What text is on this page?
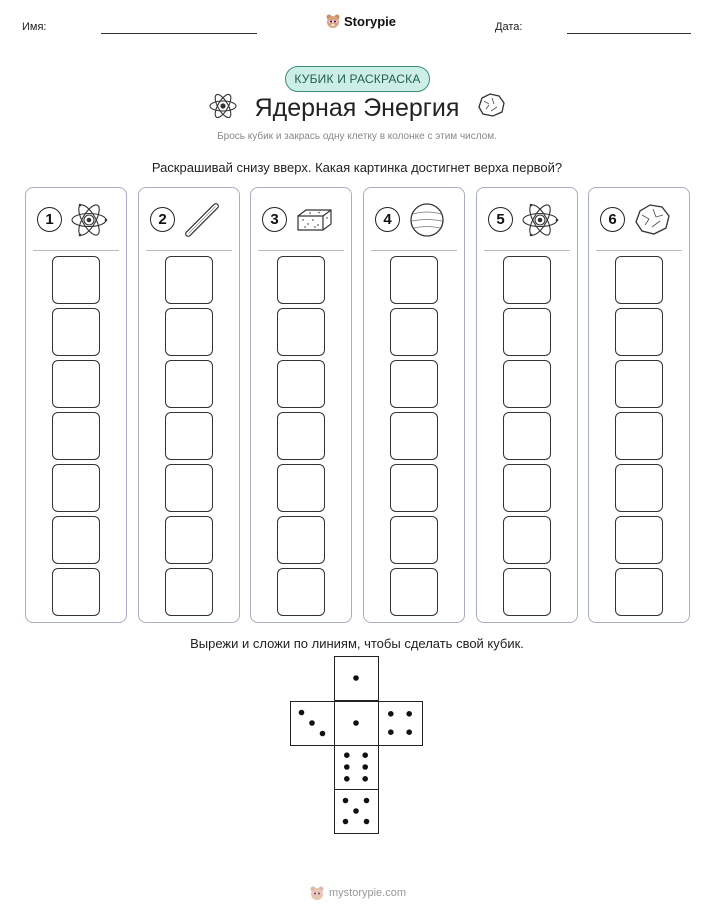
Имя:	Storypie	Дата:
КУБИК И РАСКРАСКА
Ядерная Энергия
Брось кубик и закрась одну клетку в колонке с этим числом.
Раскрашивай снизу вверх. Какая картинка достигнет верха первой?
1	2	3	4	5	6
Вырежи и сложи по линиям, чтобы сделать свой кубик.
mystorypie.com
